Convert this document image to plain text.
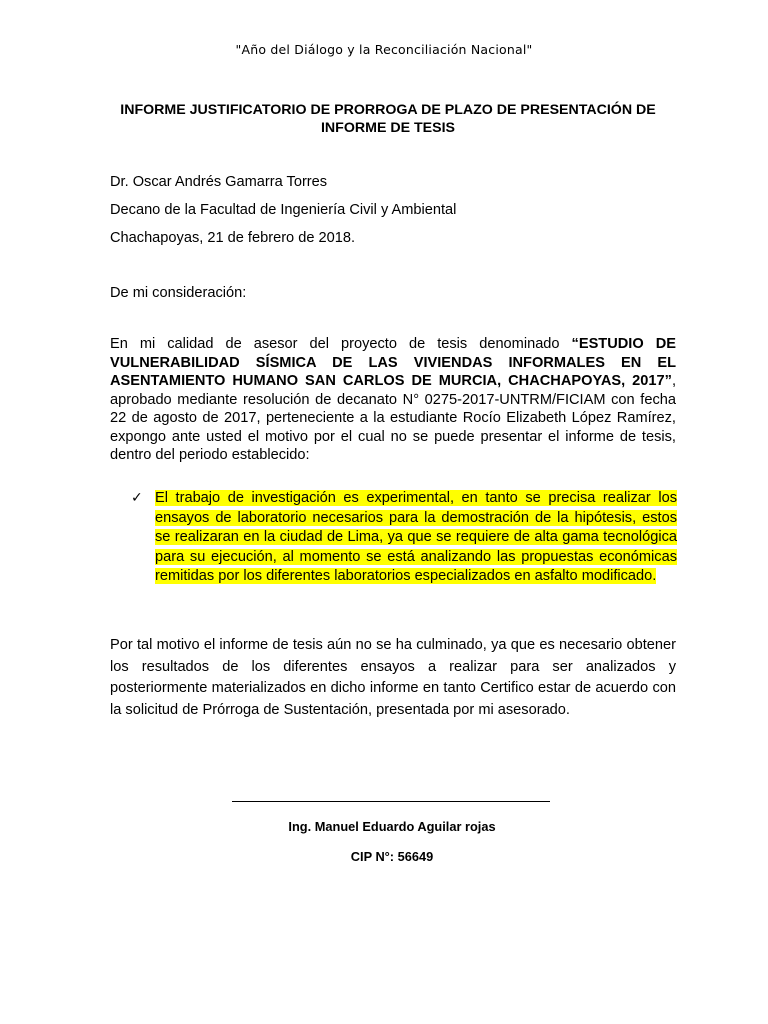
"Año del Diálogo y la Reconciliación Nacional"
INFORME JUSTIFICATORIO DE PRORROGA DE PLAZO DE PRESENTACIÓN DE
INFORME DE TESIS
Dr. Oscar Andrés Gamarra Torres
Decano de la Facultad de Ingeniería Civil y Ambiental
Chachapoyas, 21 de febrero de 2018.
De mi consideración:
En mi calidad de asesor del proyecto de tesis denominado “ESTUDIO DE VULNERABILIDAD SÍSMICA DE LAS VIVIENDAS INFORMALES EN EL ASENTAMIENTO HUMANO SAN CARLOS DE MURCIA, CHACHAPOYAS, 2017”, aprobado mediante resolución de decanato N° 0275-2017-UNTRM/FICIAM con fecha 22 de agosto de 2017, perteneciente a la estudiante Rocío Elizabeth López Ramírez, expongo ante usted el motivo por el cual no se puede presentar el informe de tesis, dentro del periodo establecido:
✓ El trabajo de investigación es experimental, en tanto se precisa realizar los ensayos de laboratorio necesarios para la demostración de la hipótesis, estos se realizaran en la ciudad de Lima, ya que se requiere de alta gama tecnológica para su ejecución, al momento se está analizando las propuestas económicas remitidas por los diferentes laboratorios especializados en asfalto modificado.
Por tal motivo el informe de tesis aún no se ha culminado, ya que es necesario obtener los resultados de los diferentes ensayos a realizar para ser analizados y posteriormente materializados en dicho informe en tanto Certifico estar de acuerdo con la solicitud de Prórroga de Sustentación, presentada por mi asesorado.
Ing. Manuel Eduardo Aguilar rojas
CIP N°: 56649
